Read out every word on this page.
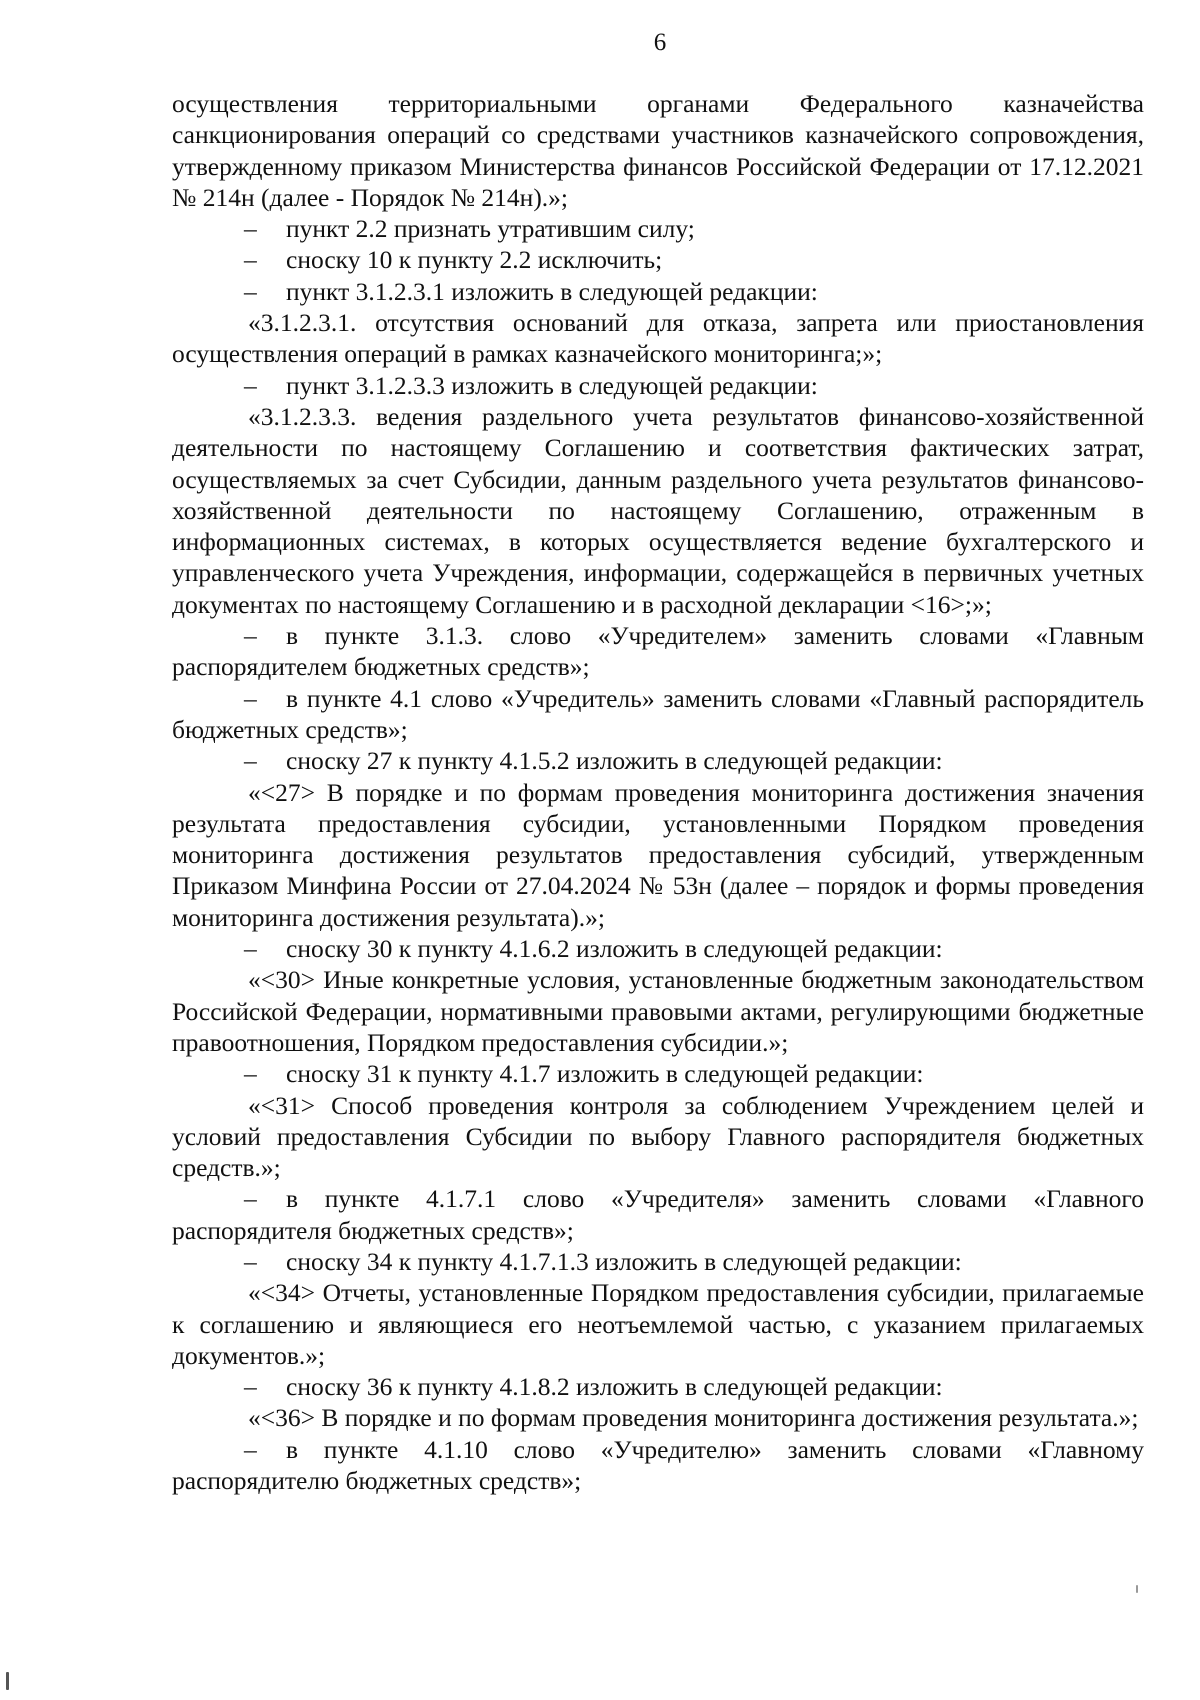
6

осуществления территориальными органами Федерального казначейства санкционирования операций со средствами участников казначейского сопровождения, утвержденному приказом Министерства финансов Российской Федерации от 17.12.2021 № 214н (далее - Порядок № 214н).»;

– пункт 2.2 признать утратившим силу;

– сноску 10 к пункту 2.2 исключить;

– пункт 3.1.2.3.1 изложить в следующей редакции:

«3.1.2.3.1. отсутствия оснований для отказа, запрета или приостановления осуществления операций в рамках казначейского мониторинга;»;

– пункт 3.1.2.3.3 изложить в следующей редакции:

«3.1.2.3.3. ведения раздельного учета результатов финансово-хозяйственной деятельности по настоящему Соглашению и соответствия фактических затрат, осуществляемых за счет Субсидии, данным раздельного учета результатов финансово-хозяйственной деятельности по настоящему Соглашению, отраженным в информационных системах, в которых осуществляется ведение бухгалтерского и управленческого учета Учреждения, информации, содержащейся в первичных учетных документах по настоящему Соглашению и в расходной декларации <16>;»;

– в пункте 3.1.3. слово «Учредителем» заменить словами «Главным распорядителем бюджетных средств»;

– в пункте 4.1 слово «Учредитель» заменить словами «Главный распорядитель бюджетных средств»;

– сноску 27 к пункту 4.1.5.2 изложить в следующей редакции:

«<27> В порядке и по формам проведения мониторинга достижения значения результата предоставления субсидии, установленными Порядком проведения мониторинга достижения результатов предоставления субсидий, утвержденным Приказом Минфина России от 27.04.2024 № 53н (далее – порядок и формы проведения мониторинга достижения результата).»;

– сноску 30 к пункту 4.1.6.2 изложить в следующей редакции:

«<30> Иные конкретные условия, установленные бюджетным законодательством Российской Федерации, нормативными правовыми актами, регулирующими бюджетные правоотношения, Порядком предоставления субсидии.»;

– сноску 31 к пункту 4.1.7 изложить в следующей редакции:

«<31> Способ проведения контроля за соблюдением Учреждением целей и условий предоставления Субсидии по выбору Главного распорядителя бюджетных средств.»;

– в пункте 4.1.7.1 слово «Учредителя» заменить словами «Главного распорядителя бюджетных средств»;

– сноску 34 к пункту 4.1.7.1.3 изложить в следующей редакции:

«<34> Отчеты, установленные Порядком предоставления субсидии, прилагаемые к соглашению и являющиеся его неотъемлемой частью, с указанием прилагаемых документов.»;

– сноску 36 к пункту 4.1.8.2 изложить в следующей редакции:

«<36> В порядке и по формам проведения мониторинга достижения результата.»;

– в пункте 4.1.10 слово «Учредителю» заменить словами «Главному распорядителю бюджетных средств»;
